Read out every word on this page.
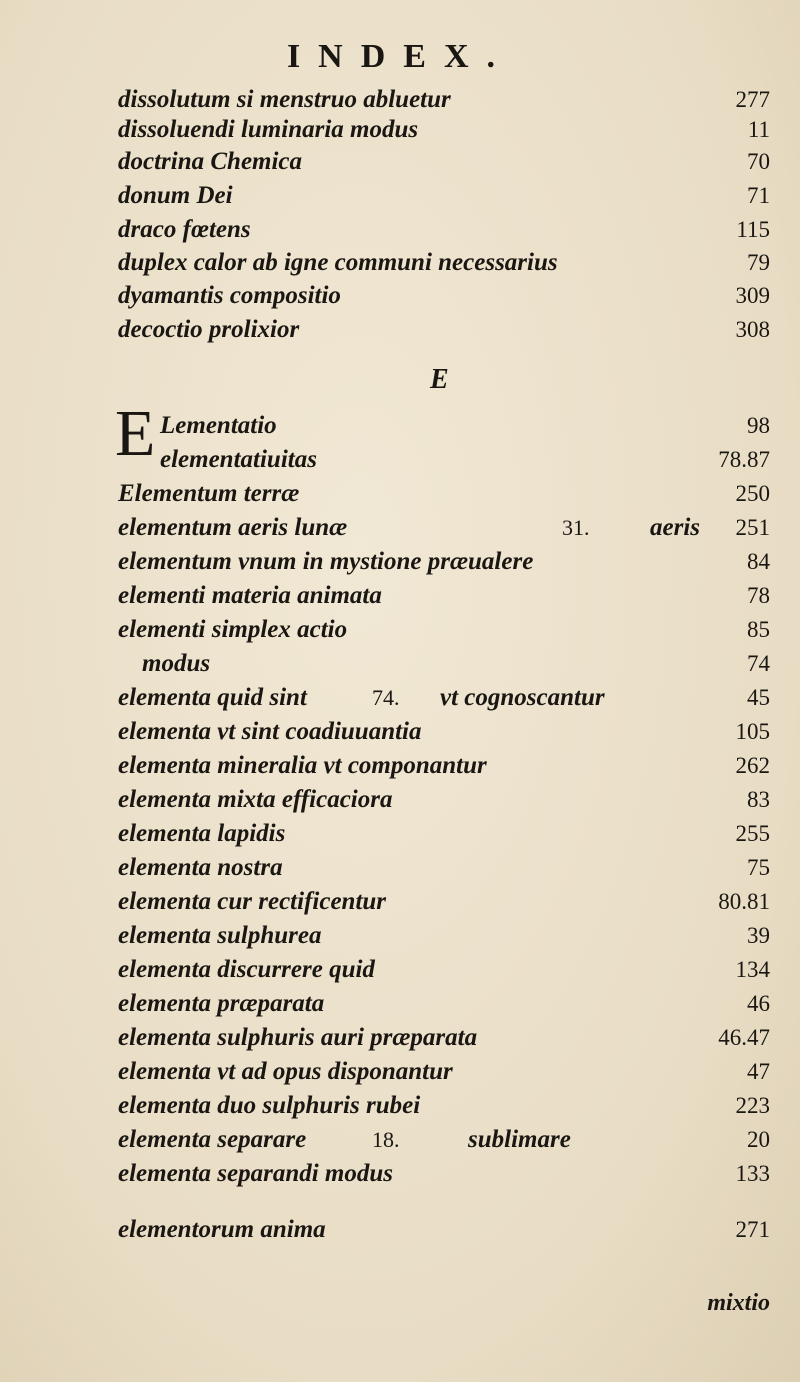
INDEX.
dissolutum si menstruo abluetur	277
dissoluendi luminaria modus	11
doctrina Chemica	70
donum Dei	71
draco fœtens	115
duplex calor ab igne communi necessarius	79
dyamantis compositio	309
decoctio prolixior	308
E
E Lementatio	98
elementatiuitas	78.87
Elementum terræ	250
elementum aeris lunæ	31. aeris 251
elementum vnum in mystione præualere	84
elementi materia animata	78
elementi simplex actio	85
modus	74
elementa quid sint	74. vt cognoscantur	45
elementa vt sint coadiuuantia	105
elementa mineralia vt componantur	262
elementa mixta efficaciora	83
elementa lapidis	255
elementa nostra	75
elementa cur rectificentur	80.81
elementa sulphurea	39
elementa discurrere quid	134
elementa præparata	46
elementa sulphuris auri præparata	46.47
elementa vt ad opus disponantur	47
elementa duo sulphuris rubei	223
elementa separare	18.	sublimare	20
elementa separandi modus	133
elementorum anima	271
mixtio
